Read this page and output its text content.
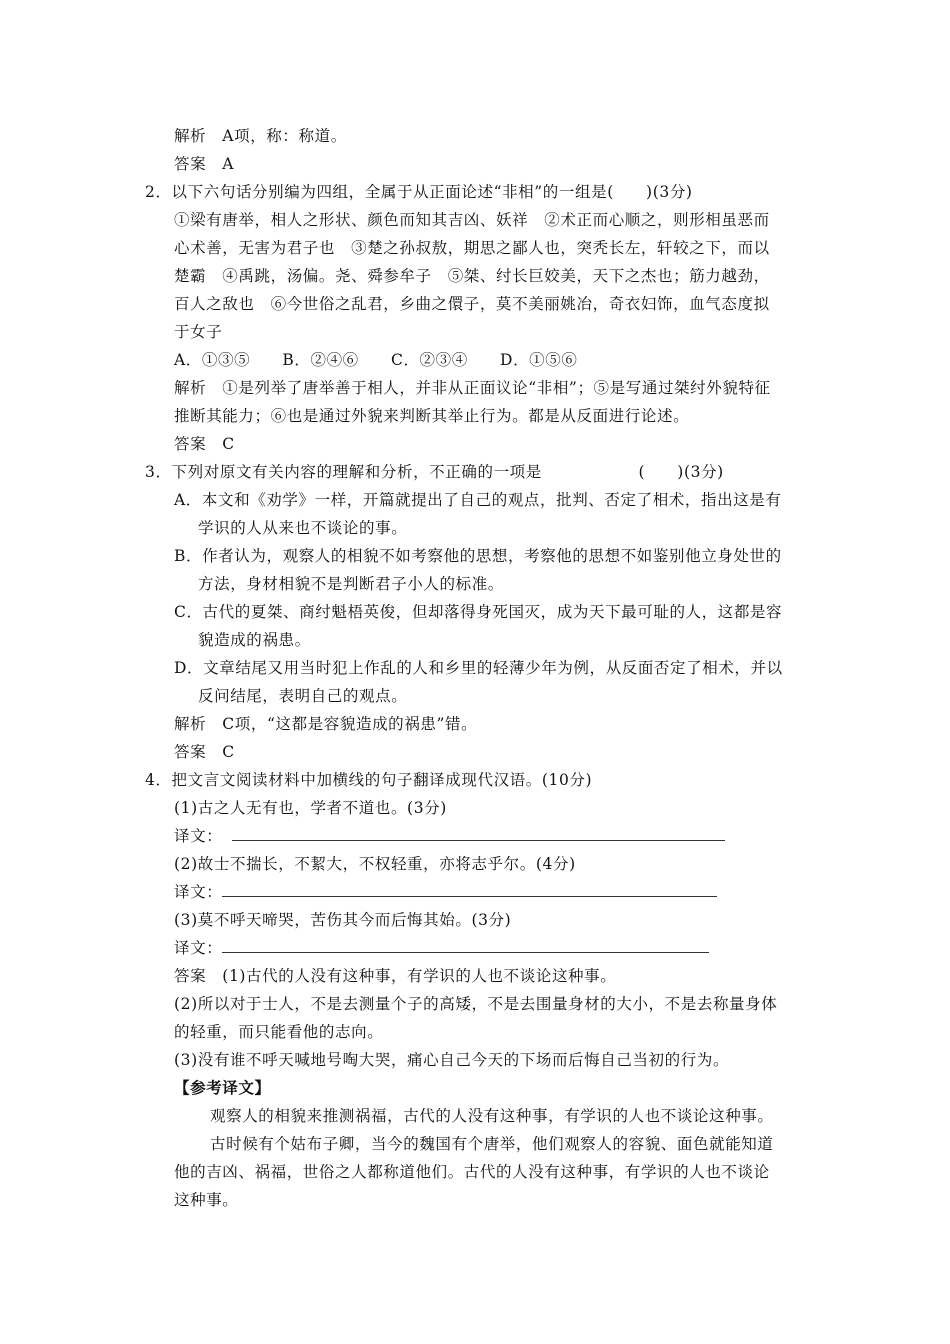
解析　A项，称：称道。
答案　A
2．以下六句话分别编为四组，全属于从正面论述“非相”的一组是(　　)(3分)
①梁有唐举，相人之形状、颜色而知其吉凶、妖祥　②术正而心顺之，则形相虽恶而
心术善，无害为君子也　③楚之孙叔敖，期思之鄙人也，突秃长左，轩较之下，而以
楚霸　④禹跳，汤偏。尧、舜参牟子　⑤桀、纣长巨姣美，天下之杰也；筋力越劲，
百人之敌也　⑥今世俗之乱君，乡曲之儇子，莫不美丽姚冶，奇衣妇饰，血气态度拟
于女子
A．①③⑤　　B．②④⑥　　C．②③④　　D．①⑤⑥
解析　①是列举了唐举善于相人，并非从正面议论“非相”；⑤是写通过桀纣外貌特征
推断其能力；⑥也是通过外貌来判断其举止行为。都是从反面进行论述。
答案　C
3．下列对原文有关内容的理解和分析，不正确的一项是　　　　　　(　　)(3分)
A．本文和《劝学》一样，开篇就提出了自己的观点，批判、否定了相术，指出这是有
学识的人从来也不谈论的事。
B．作者认为，观察人的相貌不如考察他的思想，考察他的思想不如鉴别他立身处世的
方法，身材相貌不是判断君子小人的标准。
C．古代的夏桀、商纣魁梧英俊，但却落得身死国灭，成为天下最可耻的人，这都是容
貌造成的祸患。
D．文章结尾又用当时犯上作乱的人和乡里的轻薄少年为例，从反面否定了相术，并以
反问结尾，表明自己的观点。
解析　C项，“这都是容貌造成的祸患”错。
答案　C
4．把文言文阅读材料中加横线的句子翻译成现代汉语。(10分)
(1)古之人无有也，学者不道也。(3分)
译文：
(2)故士不揣长，不絜大，不权轻重，亦将志乎尔。(4分)
译文：
(3)莫不呼天啼哭，苦伤其今而后悔其始。(3分)
译文：
答案　(1)古代的人没有这种事，有学识的人也不谈论这种事。
(2)所以对于士人，不是去测量个子的高矮，不是去围量身材的大小，不是去称量身体
的轻重，而只能看他的志向。
(3)没有谁不呼天喊地号啕大哭，痛心自己今天的下场而后悔自己当初的行为。
【参考译文】
观察人的相貌来推测祸福，古代的人没有这种事，有学识的人也不谈论这种事。
古时候有个姑布子卿，当今的魏国有个唐举，他们观察人的容貌、面色就能知道
他的吉凶、祸福，世俗之人都称道他们。古代的人没有这种事，有学识的人也不谈论
这种事。
